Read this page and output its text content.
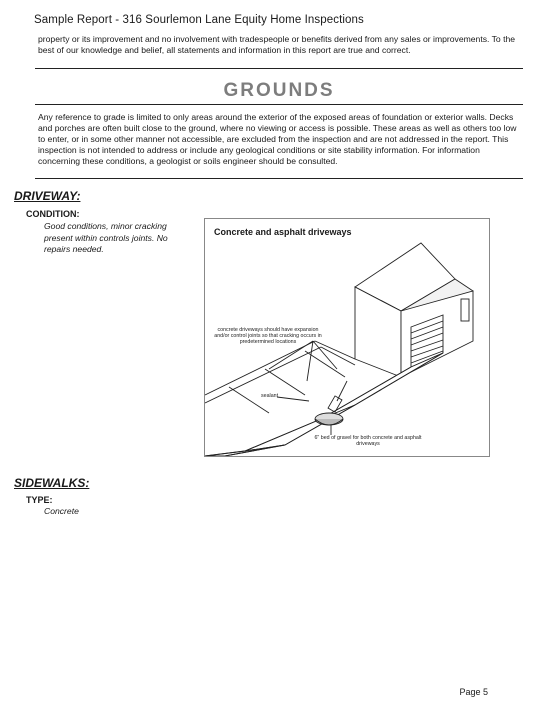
Sample Report - 316 Sourlemon Lane Equity Home Inspections
property or its improvement and no involvement with tradespeople or benefits derived from any sales or improvements. To the best of our knowledge and belief, all statements and information in this report are true and correct.
GROUNDS
Any reference to grade is limited to only areas around the exterior of the exposed areas of foundation or exterior walls. Decks and porches are often built close to the ground, where no viewing or access is possible. These areas as well as others too low to enter, or in some other manner not accessible, are excluded from the inspection and are not addressed in the report. This inspection is not intended to address or include any geological conditions or site stability information. For information concerning these conditions, a geologist or soils engineer should be consulted.
DRIVEWAY:
CONDITION:
Good conditions, minor cracking present within controls joints. No repairs needed.
Concrete and asphalt driveways
concrete driveways should have expansion and/or control joints so that cracking occurs in predetermined locations
sealant
6" bed of gravel for both concrete and asphalt driveways
SIDEWALKS:
TYPE:
Concrete
Page 5
